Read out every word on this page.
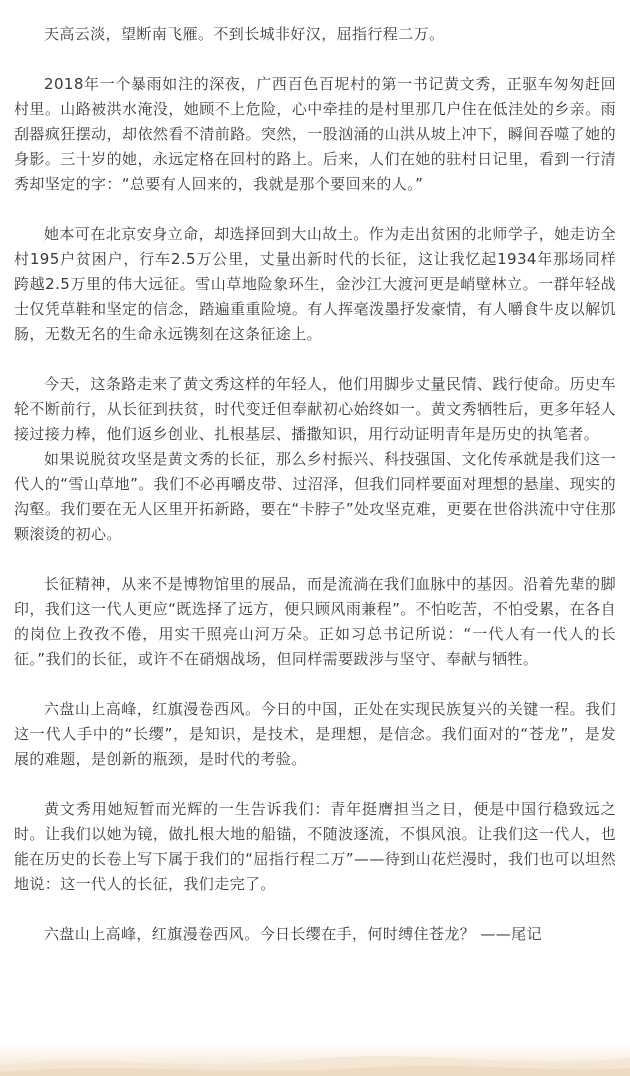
天高云淡，望断南飞雁。不到长城非好汉，屈指行程二万。

2018年一个暴雨如注的深夜，广西百色百坭村的第一书记黄文秀，正驱车匆匆赶回村里。山路被洪水淹没，她顾不上危险，心中牵挂的是村里那几户住在低洼处的乡亲。雨刮器疯狂摆动，却依然看不清前路。突然，一股汹涌的山洪从坡上冲下，瞬间吞噬了她的身影。三十岁的她，永远定格在回村的路上。后来，人们在她的驻村日记里，看到一行清秀却坚定的字：“总要有人回来的，我就是那个要回来的人。”

她本可在北京安身立命，却选择回到大山故土。作为走出贫困的北师学子，她走访全村195户贫困户，行车2.5万公里，丈量出新时代的长征，这让我忆起1934年那场同样跨越2.5万里的伟大远征。雪山草地险象环生，金沙江大渡河更是峭壁林立。一群年轻战士仅凭草鞋和坚定的信念，踏遍重重险境。有人挥毫泼墨抒发豪情，有人嚼食牛皮以解饥肠，无数无名的生命永远镌刻在这条征途上。

今天，这条路走来了黄文秀这样的年轻人，他们用脚步丈量民情、践行使命。历史车轮不断前行，从长征到扶贫，时代变迁但奉献初心始终如一。黄文秀牺牲后，更多年轻人接过接力棒，他们返乡创业、扎根基层、播撒知识，用行动证明青年是历史的执笔者。

如果说脱贫攻坚是黄文秀的长征，那么乡村振兴、科技强国、文化传承就是我们这一代人的“雪山草地”。我们不必再嚼皮带、过沼泽，但我们同样要面对理想的悬崖、现实的沟壑。我们要在无人区里开拓新路，要在“卡脖子”处攻坚克难，更要在世俗洪流中守住那颗滚烫的初心。

长征精神，从来不是博物馆里的展品，而是流淌在我们血脉中的基因。沿着先辈的脚印，我们这一代人更应“既选择了远方，便只顾风雨兼程”。不怕吃苦，不怕受累，在各自的岗位上孜孜不倦，用实干照亮山河万朵。正如习总书记所说：“一代人有一代人的长征。”我们的长征，或许不在硝烟战场，但同样需要跋涉与坚守、奉献与牺牲。

六盘山上高峰，红旗漫卷西风。今日的中国，正处在实现民族复兴的关键一程。我们这一代人手中的“长缨”，是知识，是技术，是理想，是信念。我们面对的“苍龙”，是发展的难题，是创新的瓶颈，是时代的考验。

黄文秀用她短暂而光辉的一生告诉我们：青年挺膺担当之日，便是中国行稳致远之时。让我们以她为镜，做扎根大地的船锚，不随波逐流，不惧风浪。让我们这一代人，也能在历史的长卷上写下属于我们的“屈指行程二万”——待到山花烂漫时，我们也可以坦然地说：这一代人的长征，我们走完了。

六盘山上高峰，红旗漫卷西风。今日长缨在手，何时缚住苍龙？ ——尾记
